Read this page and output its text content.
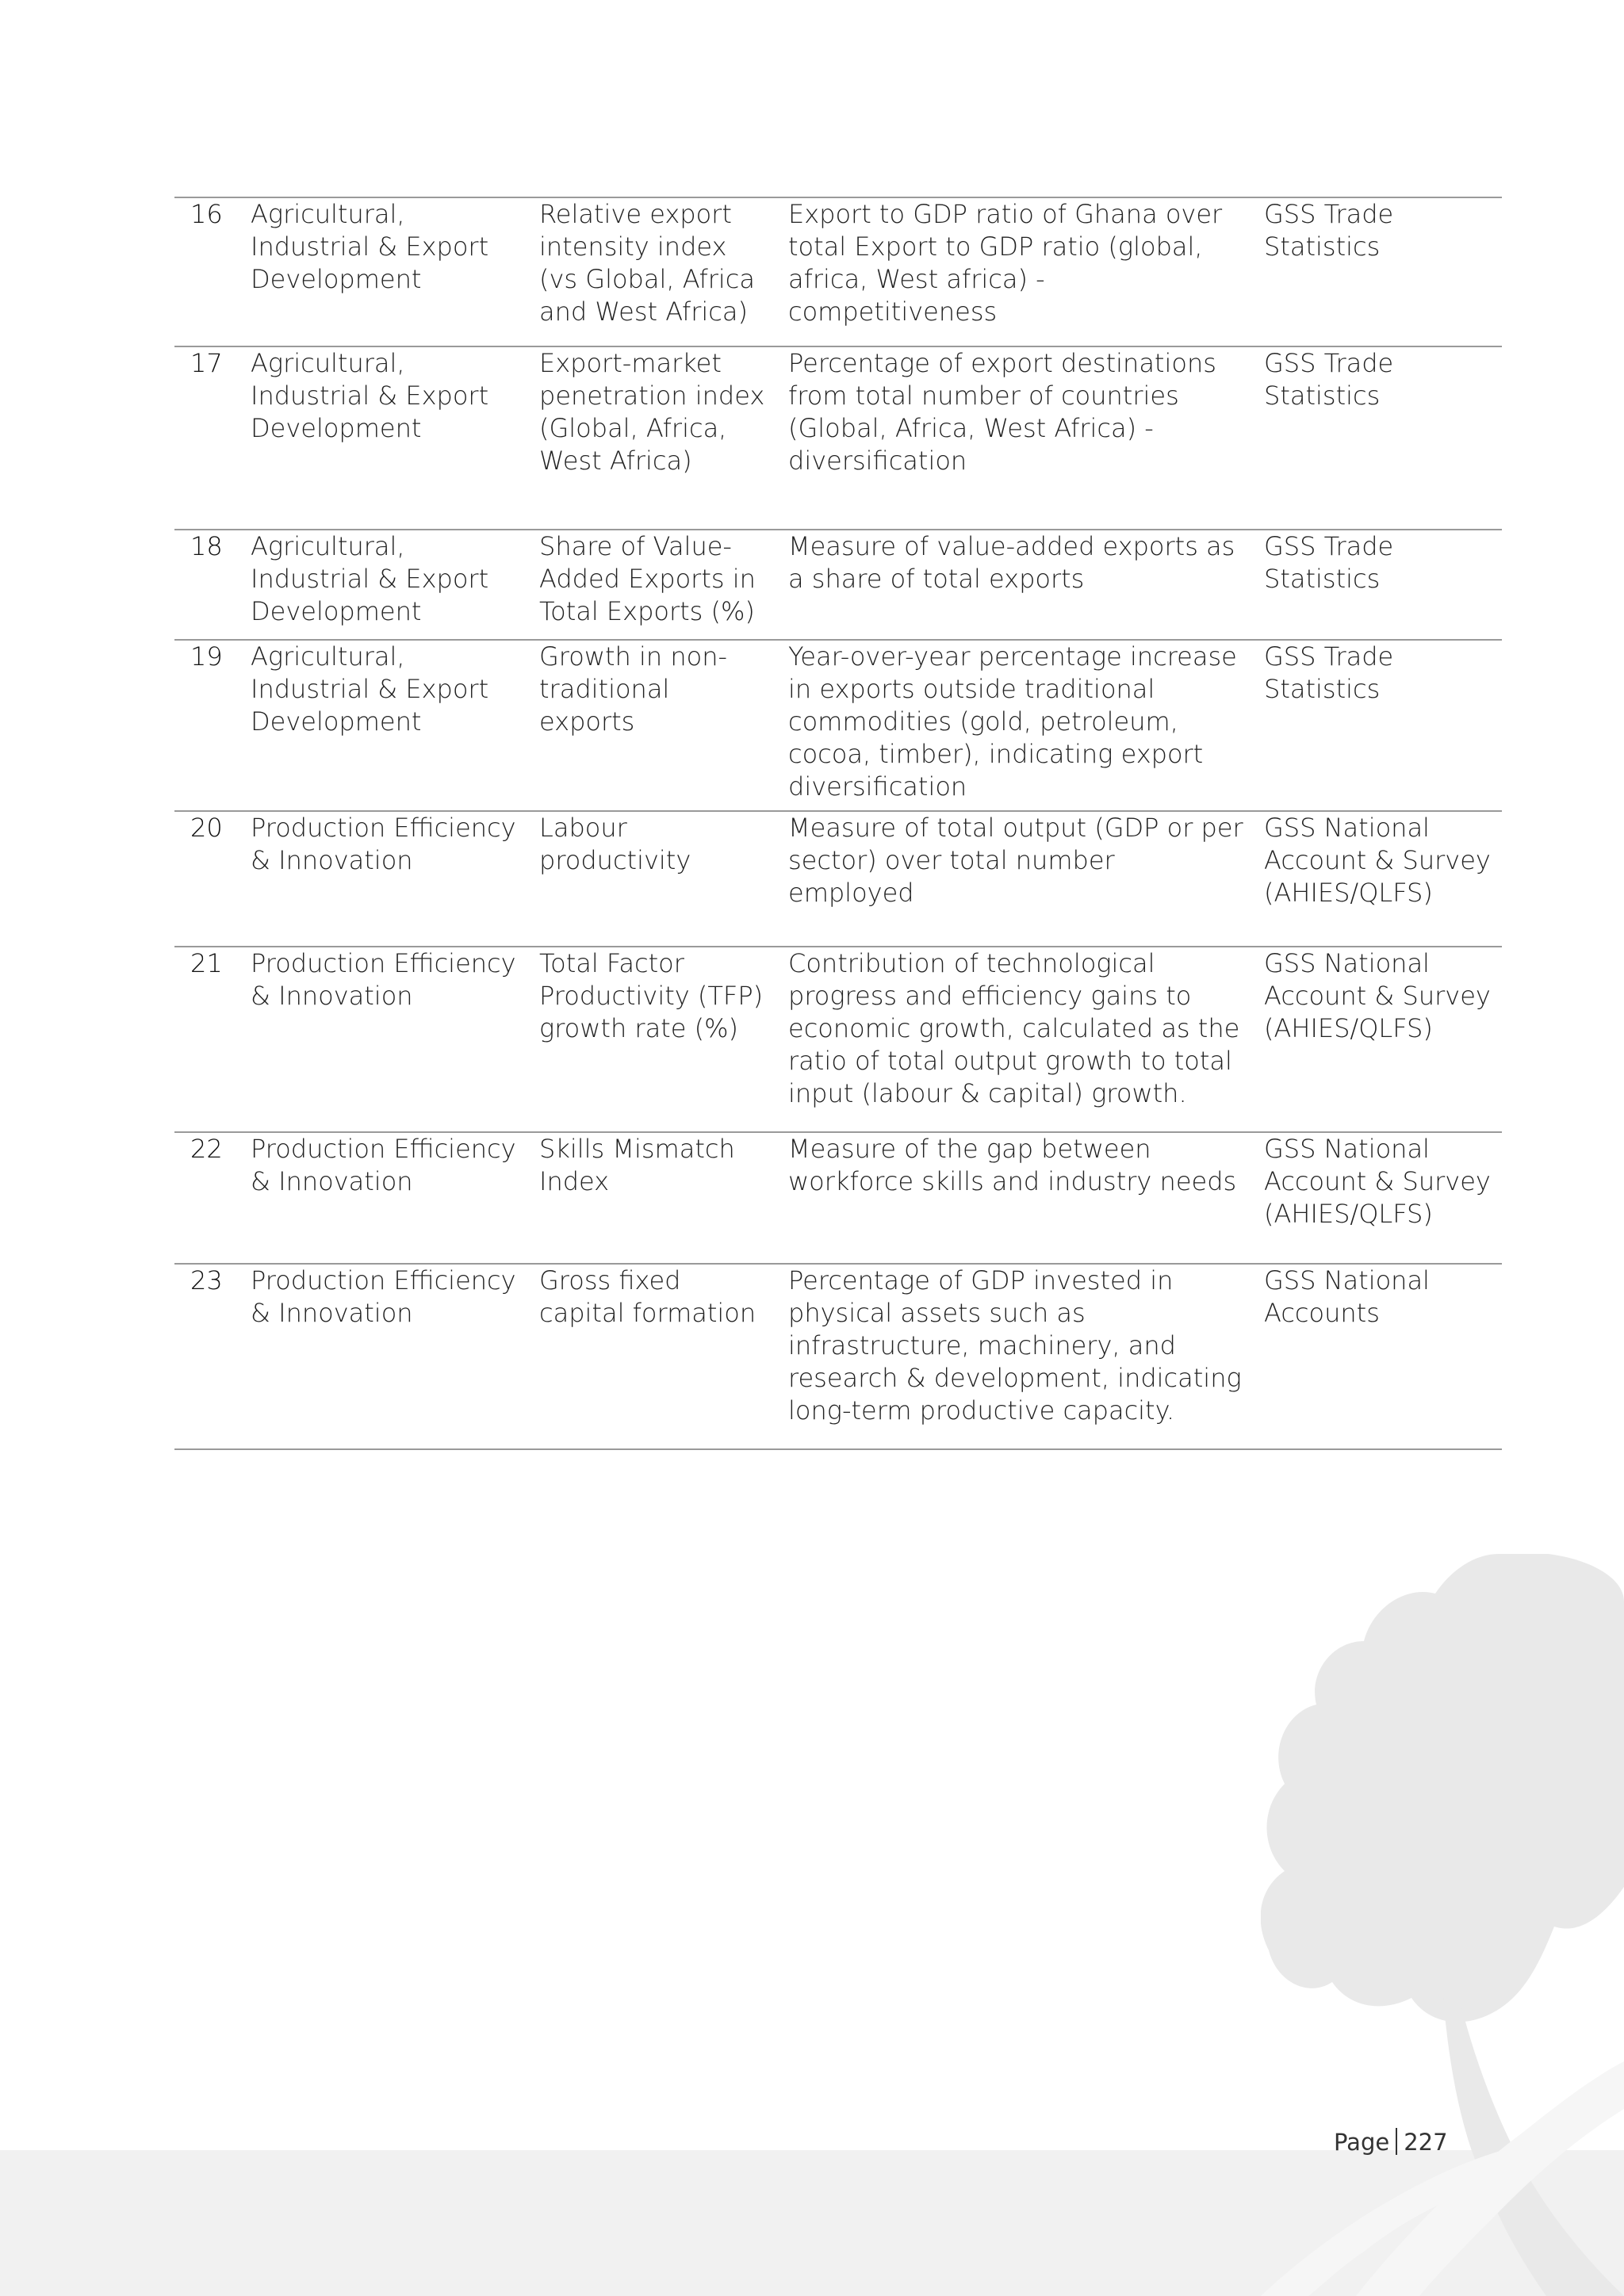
16	Agricultural, Industrial & Export Development	Relative export intensity index (vs Global, Africa and West Africa)	Export to GDP ratio of Ghana over total Export to GDP ratio (global, africa, West africa) - competitiveness	GSS Trade Statistics
17	Agricultural, Industrial & Export Development	Export-market penetration index (Global, Africa, West Africa)	Percentage of export destinations from total number of countries (Global, Africa, West Africa) - diversification	GSS Trade Statistics
18	Agricultural, Industrial & Export Development	Share of Value-Added Exports in Total Exports (%)	Measure of value-added exports as a share of total exports	GSS Trade Statistics
19	Agricultural, Industrial & Export Development	Growth in non-traditional exports	Year-over-year percentage increase in exports outside traditional commodities (gold, petroleum, cocoa, timber), indicating export diversification	GSS Trade Statistics
20	Production Efficiency & Innovation	Labour productivity	Measure of total output (GDP or per sector) over total number employed	GSS National Account & Survey (AHIES/QLFS)
21	Production Efficiency & Innovation	Total Factor Productivity (TFP) growth rate (%)	Contribution of technological progress and efficiency gains to economic growth, calculated as the ratio of total output growth to total input (labour & capital) growth.	GSS National Account & Survey (AHIES/QLFS)
22	Production Efficiency & Innovation	Skills Mismatch Index	Measure of the gap between workforce skills and industry needs	GSS National Account & Survey (AHIES/QLFS)
23	Production Efficiency & Innovation	Gross fixed capital formation	Percentage of GDP invested in physical assets such as infrastructure, machinery, and research & development, indicating long-term productive capacity.	GSS National Accounts
Page 227
